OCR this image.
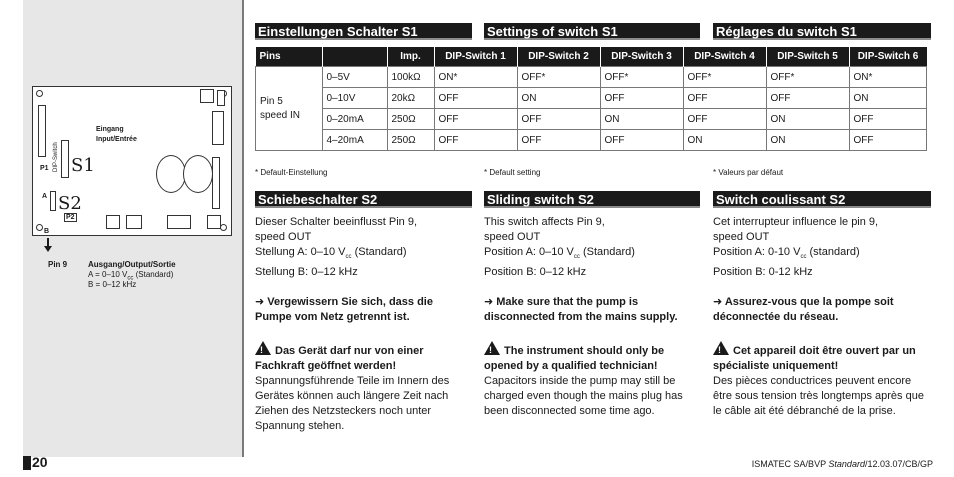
Eingang
Input/Entrée
DIP-Switch
P1 S1
S2
A
P2
B
Pin 9	Ausgang/Output/Sortie
A = 0–10 $V_{cc}$ (Standard)
B = 0–12 kHz
Einstellungen Schalter S1	Settings of switch S1	Réglages du switch S1
Pins		Imp.	DIP-Switch 1	DIP-Switch 2	DIP-Switch 3	DIP-Switch 4	DIP-Switch 5	DIP-Switch 6
Pin 5
speed IN	0–5V	100kΩ	ON*	OFF*	OFF*	OFF*	OFF*	ON*
	0–10V	20kΩ	OFF	ON	OFF	OFF	OFF	ON
	0–20mA	250Ω	OFF	OFF	ON	OFF	ON	OFF
	4–20mA	250Ω	OFF	OFF	OFF	ON	ON	OFF
* Default-Einstellung	* Default setting	* Valeurs par défaut
Schiebeschalter S2	Sliding switch S2	Switch coulissant S2

Dieser Schalter beeinflusst Pin 9,

speed OUT

Stellung A: 0–10 $V_{cc}$ (Standard)

Stellung B: 0–12 kHz

➜ Vergewissern Sie sich, dass die Pumpe vom Netz getrennt ist.

!Das Gerät darf nur von einer Fachkraft geöffnet werden!

Spannungsführende Teile im Innern des Gerätes können auch längere Zeit nach Ziehen des Netzsteckers noch unter Spannung stehen.

This switch affects Pin 9,

speed OUT

Position A: 0–10 $V_{cc}$ (Standard)

Position B: 0–12 kHz

➜ Make sure that the pump is disconnected from the mains supply.

!The instrument should only be opened by a qualified technician!

Capacitors inside the pump may still be charged even though the mains plug has been disconnected some time ago.

Cet interrupteur influence le pin 9,

speed OUT

Position A: 0-10 $V_{cc}$ (standard)

Position B: 0-12 kHz

➜ Assurez-vous que la pompe soit déconnectée du réseau.

!Cet appareil doit être ouvert par un spécialiste uniquement!

Des pièces conductrices peuvent encore être sous tension très longtemps après que le câble ait été débranché de la prise.

20	ISMATEC SA/BVP Standard/12.03.07/CB/GP
